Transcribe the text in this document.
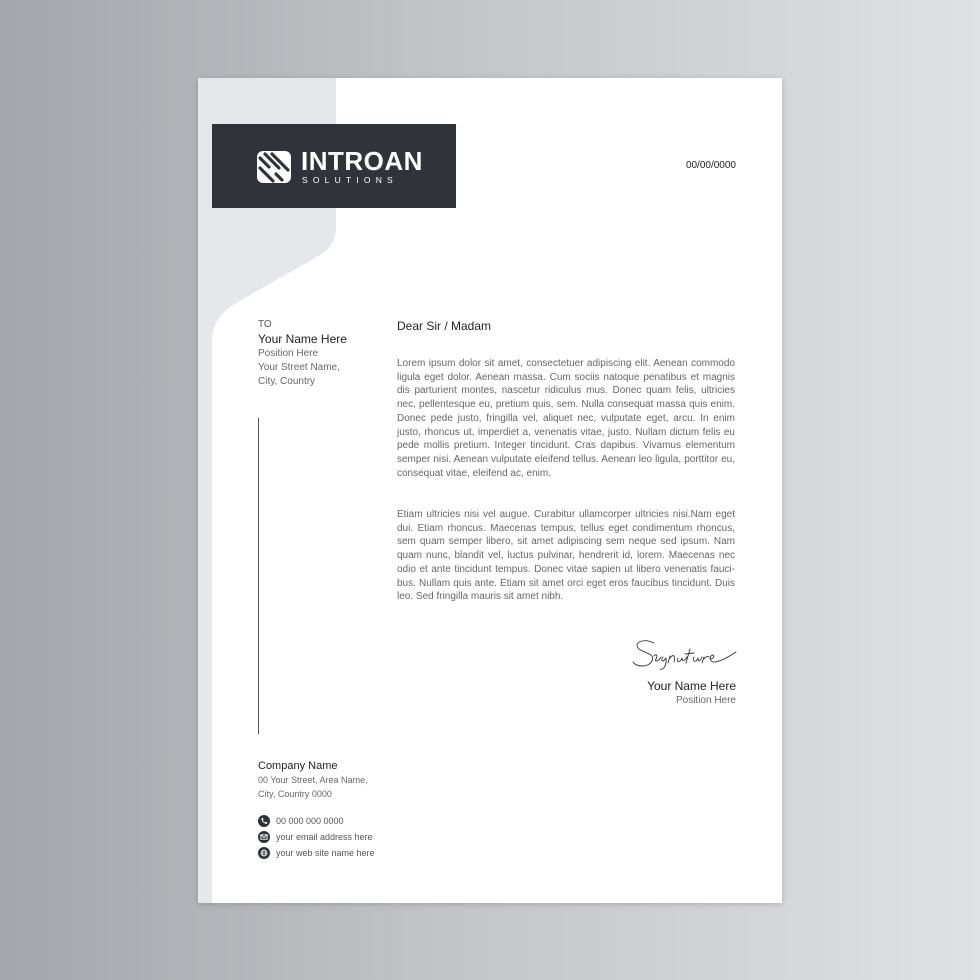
INTROAN
SOLUTIONS
00/00/0000
TO
Your Name Here
Position Here
Your Street Name,
City, Country
Dear Sir / Madam

Lorem ipsum dolor sit amet, consectetuer adipiscing elit. Aenean commodo ligula eget dolor. Aenean massa. Cum sociis natoque penatibus et magnis dis parturient montes, nascetur ridiculus mus. Donec quam felis, ultricies nec, pellentesque eu, pretium quis, sem. Nulla consequat massa quis enim. Donec pede justo, fringilla vel, aliquet nec, vulputate eget, arcu. In enim justo, rhoncus ut, imperdiet a, venenatis vitae, justo. Nullam dictum felis eu pede mollis pretium. Integer tincidunt. Cras dapibus. Vivamus elementum semper nisi. Aenean vulputate eleifend tellus. Aenean leo ligula, porttitor eu, consequat vitae, eleifend ac, enim.

Etiam ultricies nisi vel augue. Curabitur ullamcorper ultricies nisi.Nam eget dui. Etiam rhoncus. Maecenas tempus, tellus eget condimentum rhoncus, sem quam semper libero, sit amet adipiscing sem neque sed ipsum. Nam quam nunc, blandit vel, luctus pulvinar, hendrerit id, lorem. Maecenas nec odio et ante tincidunt tempus. Donec vitae sapien ut libero venenatis fauci-bus. Nullam quis ante. Etiam sit amet orci eget eros faucibus tincidunt. Duis leo. Sed fringilla mauris sit amet nibh.

Your Name Here
Position Here
Company Name
00 Your Street, Area Name,
City, Country 0000
00 000 000 0000
your email address here
your web site name here
